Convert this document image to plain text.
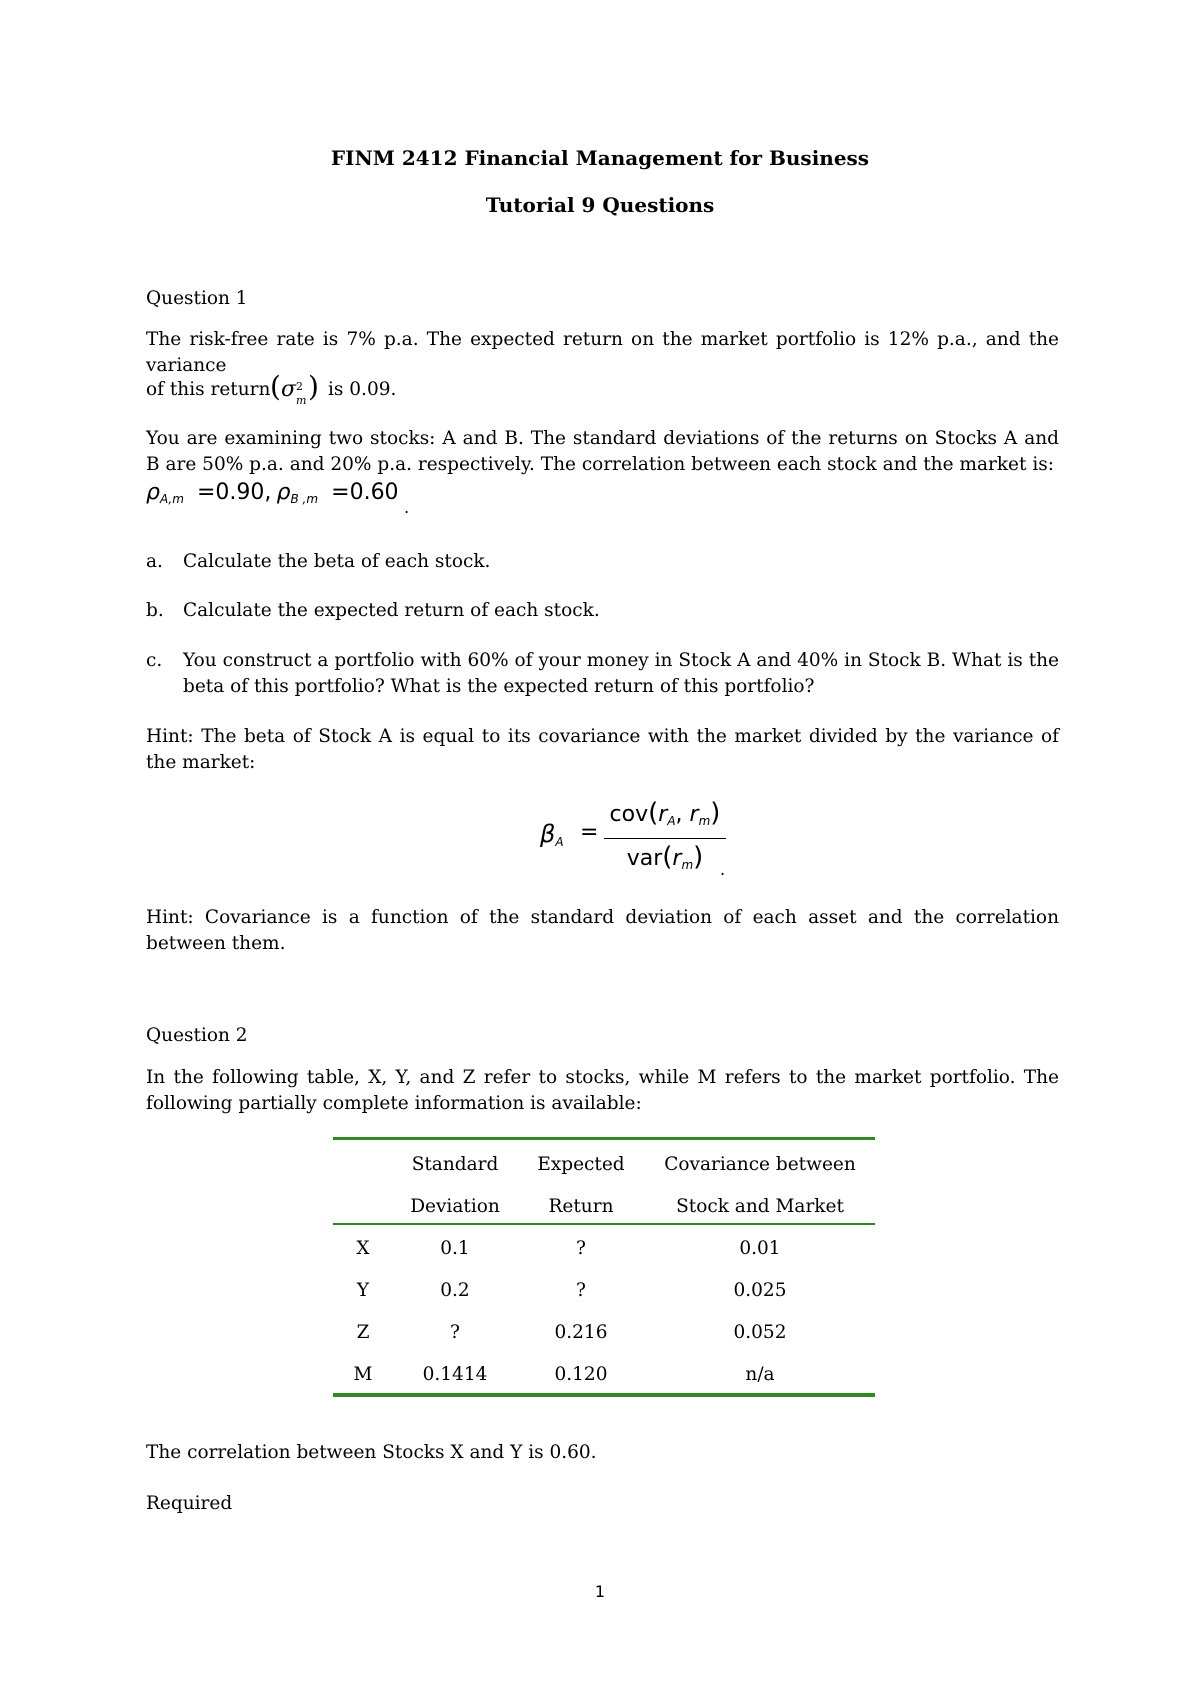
FINM 2412 Financial Management for Business
Tutorial 9 Questions
Question 1
The risk-free rate is 7% p.a. The expected return on the market portfolio is 12% p.a., and the variance
of this return (σ 2
m ) is 0.09.
You are examining two stocks: A and B. The standard deviations of the returns on Stocks A and B are 50% p.a. and 20% p.a. respectively. The correlation between each stock and the market is:
$\rho_{A,m} =0.90$, $\rho_{B ,m} =0.60$
.
a. Calculate the beta of each stock.
b. Calculate the expected return of each stock.
c. You construct a portfolio with 60% of your money in Stock A and 40% in Stock B. What is the beta of this portfolio? What is the expected return of this portfolio?
Hint: The beta of Stock A is equal to its covariance with the market divided by the variance of the market:
βA =
cov(rA, rm)
var(rm)	.
Hint: Covariance is a function of the standard deviation of each asset and the correlation between them.
Question 2
In the following table, X, Y, and Z refer to stocks, while M refers to the market portfolio. The following partially complete information is available:
	Standard	Expected	Covariance between
	Deviation	Return	Stock and Market
X	0.1	?	0.01
Y	0.2	?	0.025
Z	?	0.216	0.052
M	0.1414	0.120	n/a
The correlation between Stocks X and Y is 0.60.
Required
1
